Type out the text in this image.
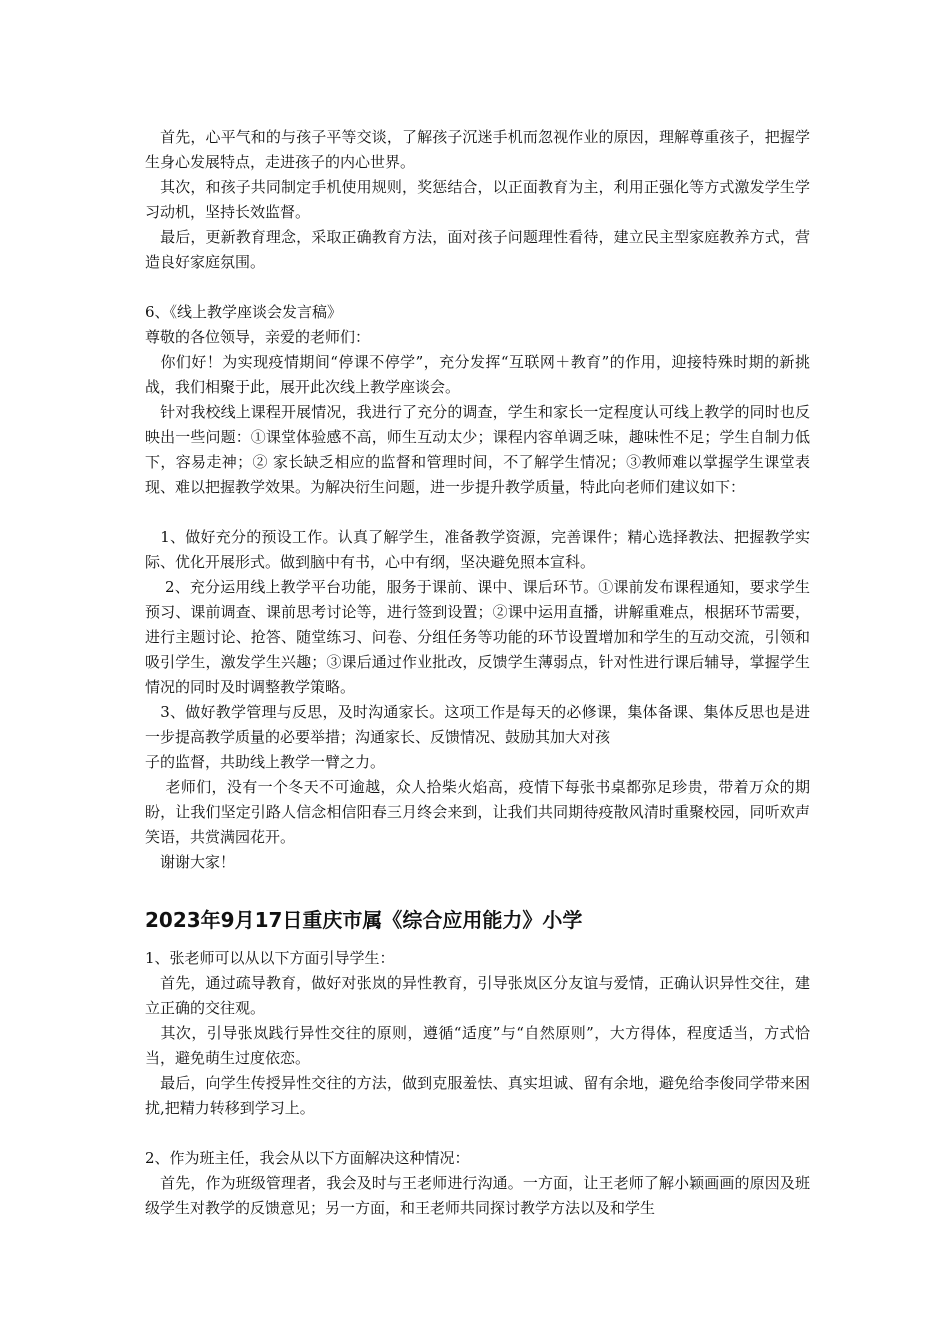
　首先，心平气和的与孩子平等交谈，了解孩子沉迷手机而忽视作业的原因，理解尊重孩子，把握学生身心发展特点，走进孩子的内心世界。

　其次，和孩子共同制定手机使用规则，奖惩结合，以正面教育为主，利用正强化等方式激发学生学习动机，坚持长效监督。

　最后，更新教育理念，采取正确教育方法，面对孩子问题理性看待，建立民主型家庭教养方式，营造良好家庭氛围。

6、《线上教学座谈会发言稿》

尊敬的各位领导，亲爱的老师们：

　你们好！为实现疫情期间“停课不停学”，充分发挥“互联网＋教育”的作用，迎接特殊时期的新挑战，我们相聚于此，展开此次线上教学座谈会。

　针对我校线上课程开展情况，我进行了充分的调查，学生和家长一定程度认可线上教学的同时也反映出一些问题：①课堂体验感不高，师生互动太少；课程内容单调乏味，趣味性不足；学生自制力低下，容易走神；② 家长缺乏相应的监督和管理时间，不了解学生情况；③教师难以掌握学生课堂表现、难以把握教学效果。为解决衍生问题，进一步提升教学质量，特此向老师们建议如下：

　1、做好充分的预设工作。认真了解学生，准备教学资源，完善课件；精心选择教法、把握教学实际、优化开展形式。做到脑中有书，心中有纲，坚决避免照本宣科。

　 2、充分运用线上教学平台功能，服务于课前、课中、课后环节。①课前发布课程通知，要求学生预习、课前调查、课前思考讨论等，进行签到设置；②课中运用直播，讲解重难点，根据环节需要，进行主题讨论、抢答、随堂练习、问卷、分组任务等功能的环节设置增加和学生的互动交流，引领和吸引学生，激发学生兴趣；③课后通过作业批改，反馈学生薄弱点，针对性进行课后辅导，掌握学生情况的同时及时调整教学策略。

　3、做好教学管理与反思，及时沟通家长。这项工作是每天的必修课，集体备课、集体反思也是进一步提高教学质量的必要举措；沟通家长、反馈情况、鼓励其加大对孩

子的监督，共助线上教学一臂之力。

　 老师们，没有一个冬天不可逾越，众人拾柴火焰高，疫情下每张书桌都弥足珍贵，带着万众的期盼，让我们坚定引路人信念相信阳春三月终会来到，让我们共同期待疫散风清时重聚校园，同听欢声笑语，共赏满园花开。

　谢谢大家！

2023年9月17日重庆市属《综合应用能力》小学

1、张老师可以从以下方面引导学生：

　首先，通过疏导教育，做好对张岚的异性教育，引导张岚区分友谊与爱情，正确认识异性交往，建立正确的交往观。

　其次，引导张岚践行异性交往的原则，遵循“适度”与“自然原则”，大方得体，程度适当，方式恰当，避免萌生过度依恋。

　最后，向学生传授异性交往的方法，做到克服羞怯、真实坦诚、留有余地，避免给李俊同学带来困扰,把精力转移到学习上。

2、作为班主任，我会从以下方面解决这种情况：

　首先，作为班级管理者，我会及时与王老师进行沟通。一方面，让王老师了解小颖画画的原因及班级学生对教学的反馈意见；另一方面，和王老师共同探讨教学方法以及和学生
